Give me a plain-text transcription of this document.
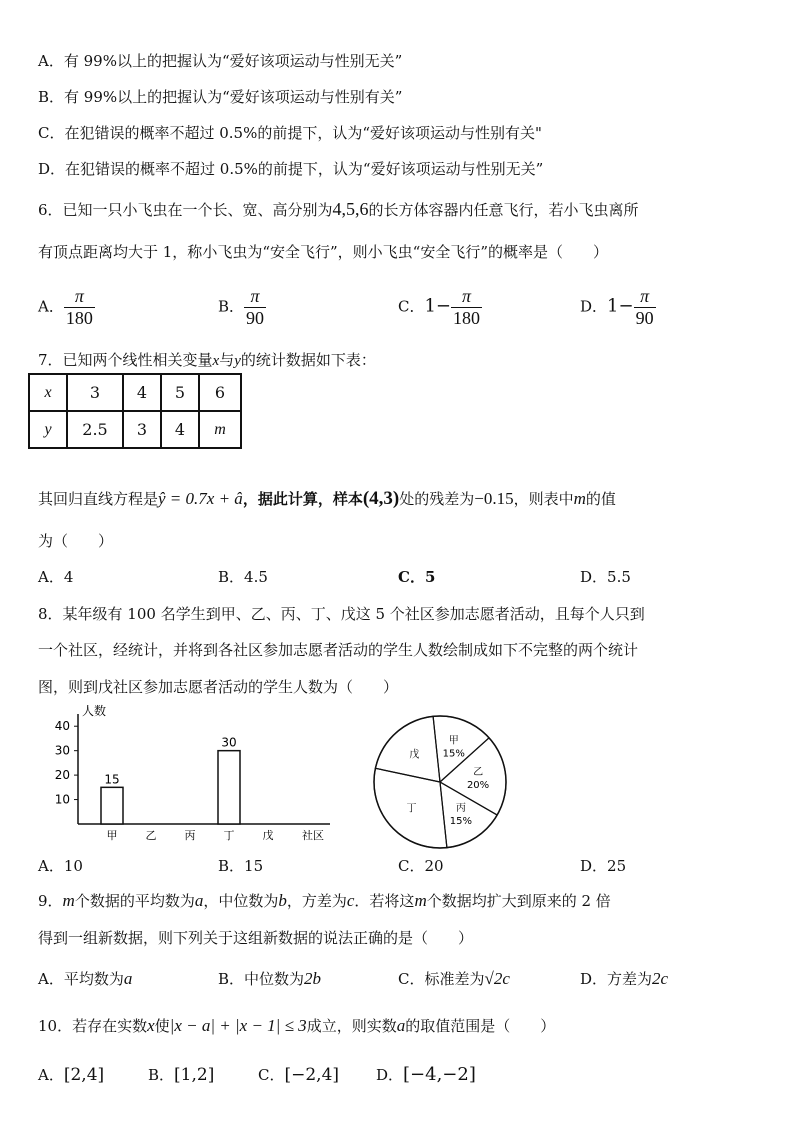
A．有 99%以上的把握认为“爱好该项运动与性别无关”
B．有 99%以上的把握认为“爱好该项运动与性别有关”
C．在犯错误的概率不超过 0.5%的前提下，认为“爱好该项运动与性别有关"
D．在犯错误的概率不超过 0.5%的前提下，认为“爱好该项运动与性别无关”
6．已知一只小飞虫在一个长、宽、高分别为4,5,6的长方体容器内任意飞行，若小飞虫离所
有顶点距离均大于 1，称小飞虫为“安全飞行”，则小飞虫“安全飞行”的概率是（　　）
A． $\frac{\pi}{180}$	B． $\frac{\pi}{90}$	C．$1- \frac{\pi}{180}$	D．$1- \frac{\pi}{90}$
7．已知两个线性相关变量x与y的统计数据如下表：
x	3	4	5	6
y	2.5	3	4	m
其回归直线方程是ŷ = 0.7x + â，据此计算，样本(4,3)处的残差为−0.15，则表中m的值
为（　　）
A．4	B．4.5	C．5	D．5.5
8．某年级有 100 名学生到甲、乙、丙、丁、戊这 5 个社区参加志愿者活动，且每个人只到
一个社区，经统计，并将到各社区参加志愿者活动的学生人数绘制成如下不完整的两个统计
图，则到戊社区参加志愿者活动的学生人数为（　　）
人数
10
20
30
40
15
30
甲	乙	丙	丁	戊	社区
甲
15%
乙
20%
丙
15%
丁
戊
A．10	B．15	C．20	D．25
9．m个数据的平均数为a，中位数为b，方差为c．若将这m个数据均扩大到原来的 2 倍
得到一组新数据，则下列关于这组新数据的说法正确的是（　　）
A．平均数为a	B．中位数为2b	C．标准差为√2c	D．方差为2c
10．若存在实数x使|x − a| + |x − 1| ≤ 3成立，则实数a的取值范围是（　　）
A．[2,4]	B．[1,2]	C．[−2,4] D．[−4,−2]
